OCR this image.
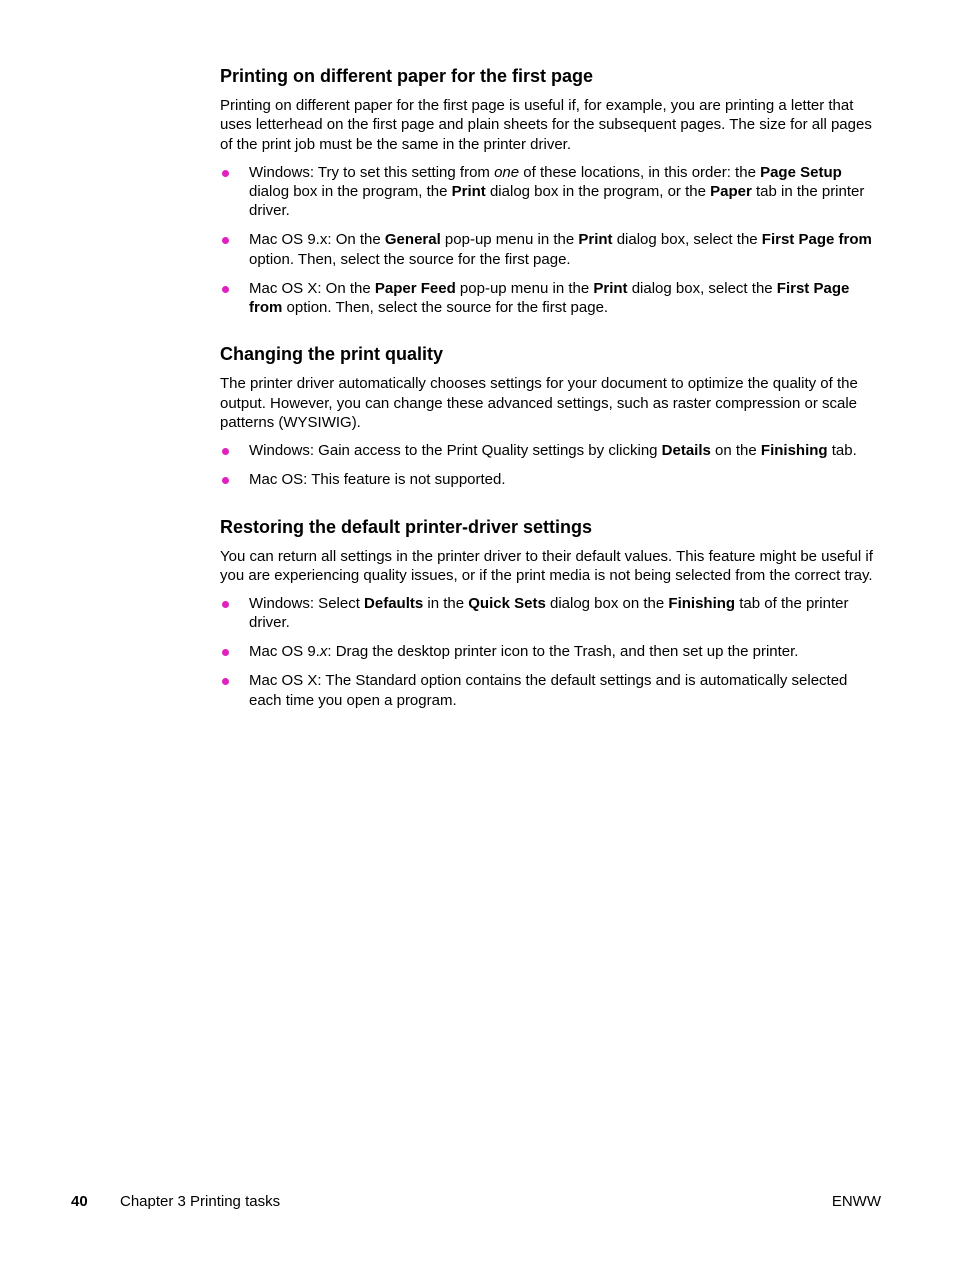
Printing on different paper for the first page

Printing on different paper for the first page is useful if, for example, you are printing a letter that uses letterhead on the first page and plain sheets for the subsequent pages. The size for all pages of the print job must be the same in the printer driver.

Windows: Try to set this setting from one of these locations, in this order: the Page Setup dialog box in the program, the Print dialog box in the program, or the Paper tab in the printer driver.
Mac OS 9.x: On the General pop-up menu in the Print dialog box, select the First Page from option. Then, select the source for the first page.
Mac OS X: On the Paper Feed pop-up menu in the Print dialog box, select the First Page from option. Then, select the source for the first page.
Changing the print quality

The printer driver automatically chooses settings for your document to optimize the quality of the output. However, you can change these advanced settings, such as raster compression or scale patterns (WYSIWIG).

Windows: Gain access to the Print Quality settings by clicking Details on the Finishing tab.
Mac OS: This feature is not supported.
Restoring the default printer-driver settings

You can return all settings in the printer driver to their default values. This feature might be useful if you are experiencing quality issues, or if the print media is not being selected from the correct tray.

Windows: Select Defaults in the Quick Sets dialog box on the Finishing tab of the printer driver.
Mac OS 9.x: Drag the desktop printer icon to the Trash, and then set up the printer.
Mac OS X: The Standard option contains the default settings and is automatically selected each time you open a program.
40 Chapter 3 Printing tasks	ENWW
